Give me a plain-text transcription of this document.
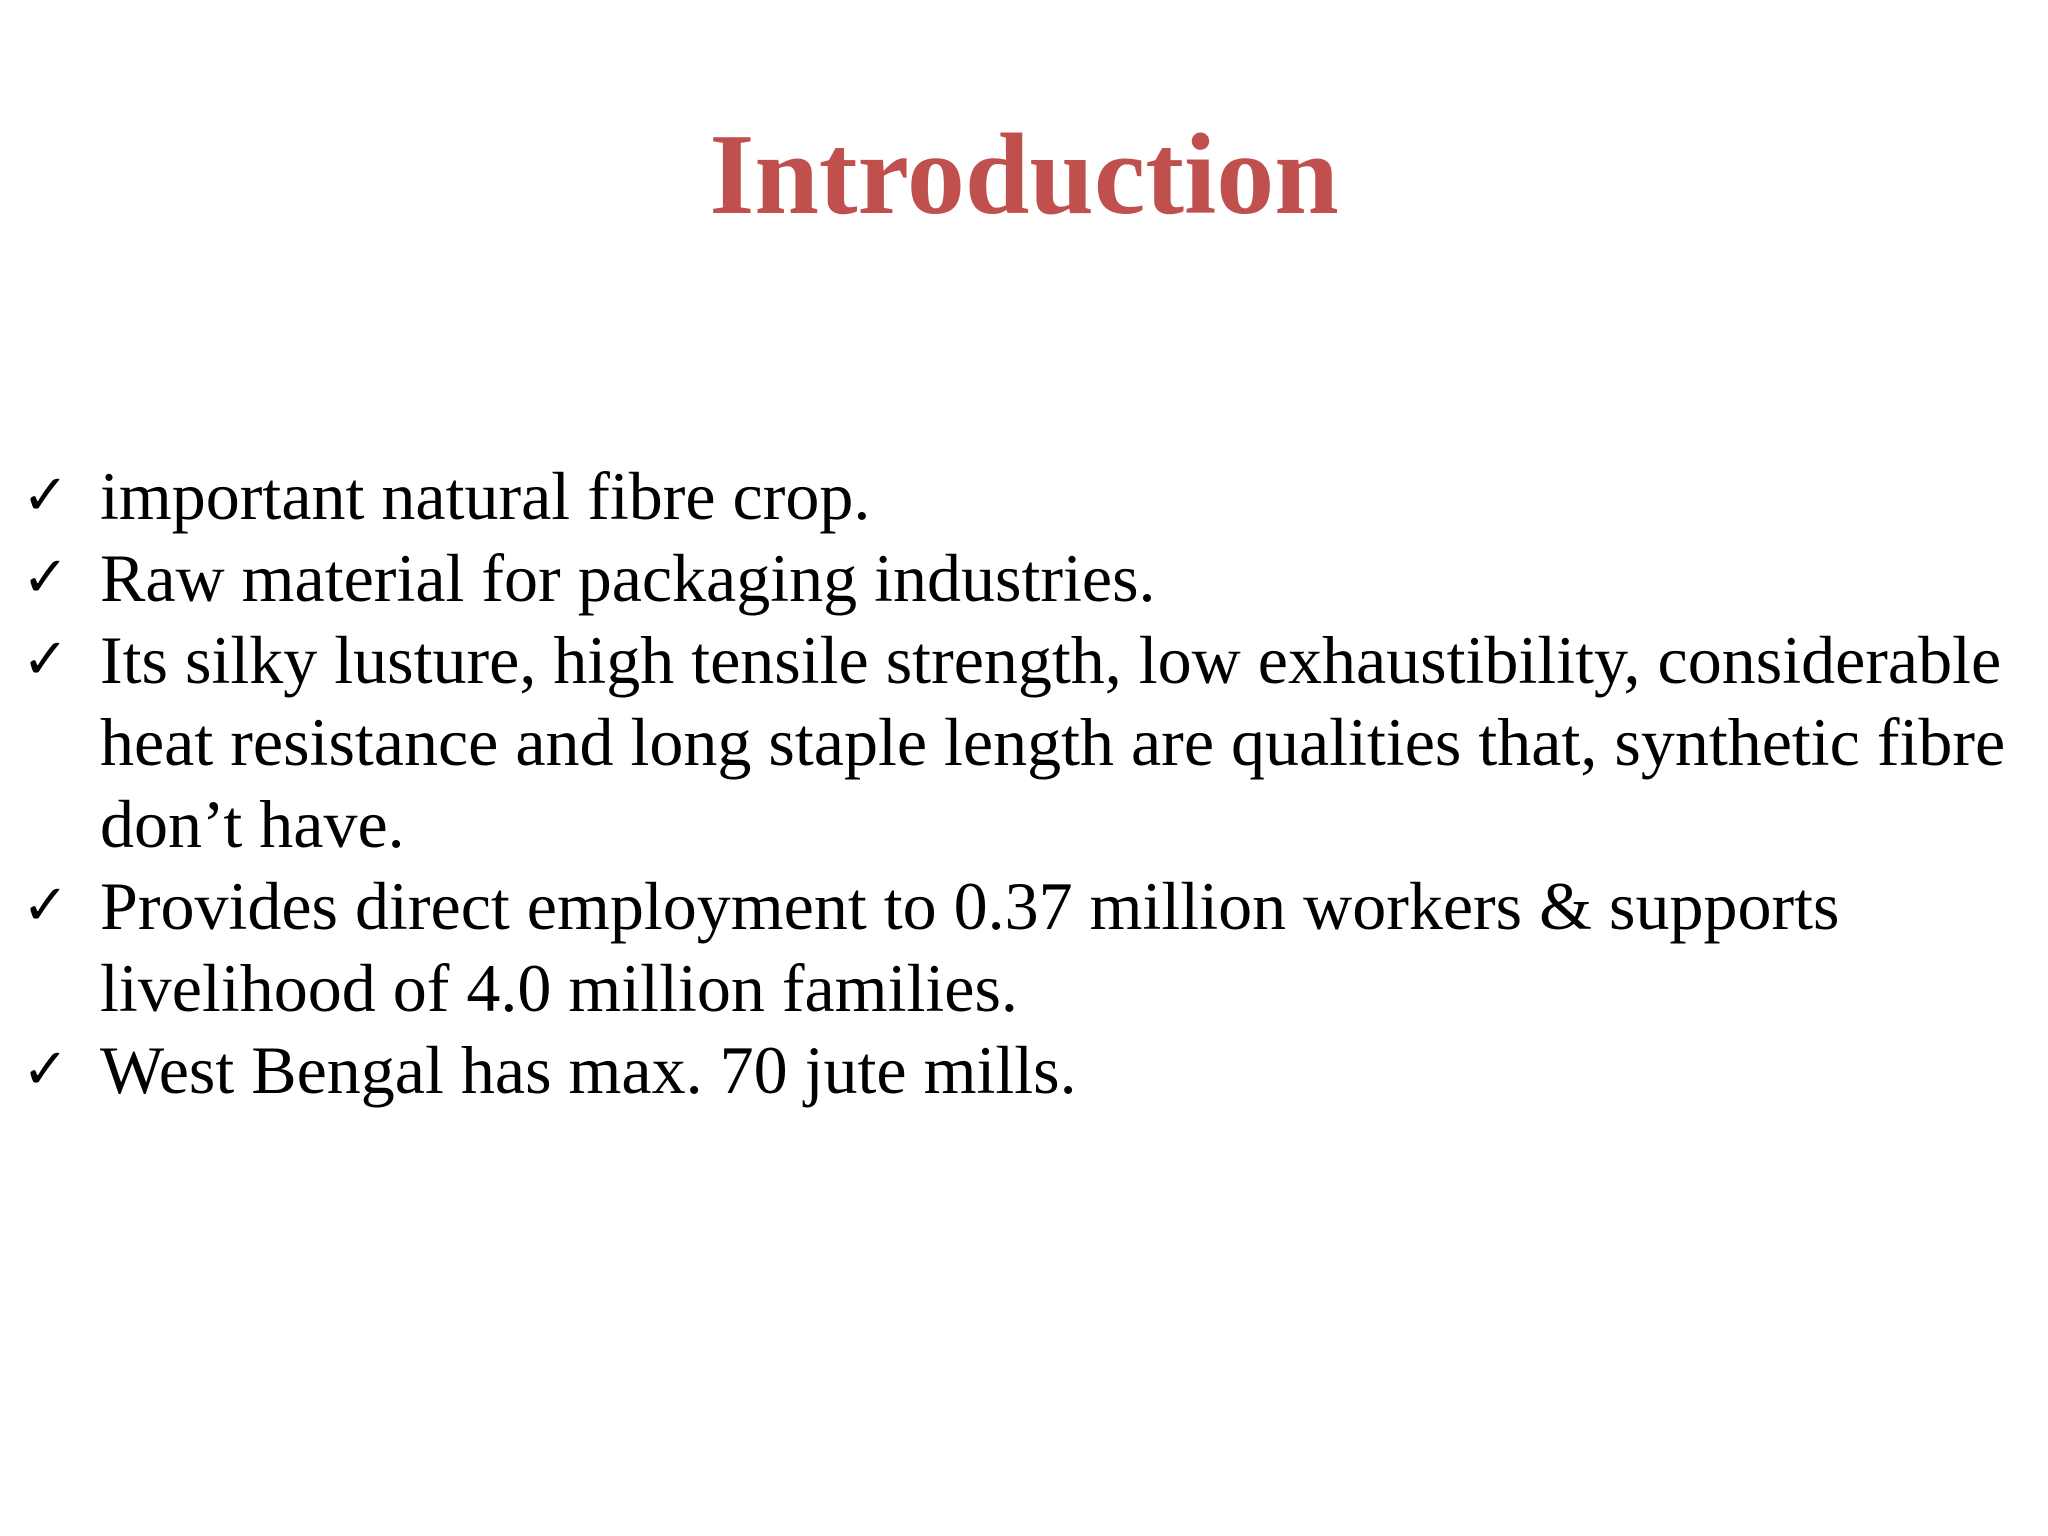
Introduction
✓ important natural fibre crop.
✓ Raw material for packaging industries.
✓ Its silky lusture, high tensile strength, low exhaustibility, considerable
heat resistance and long staple length are qualities that, synthetic fibre
don’t have.
✓ Provides direct employment to 0.37 million workers & supports
livelihood of 4.0 million families.
✓ West Bengal has max. 70 jute mills.
